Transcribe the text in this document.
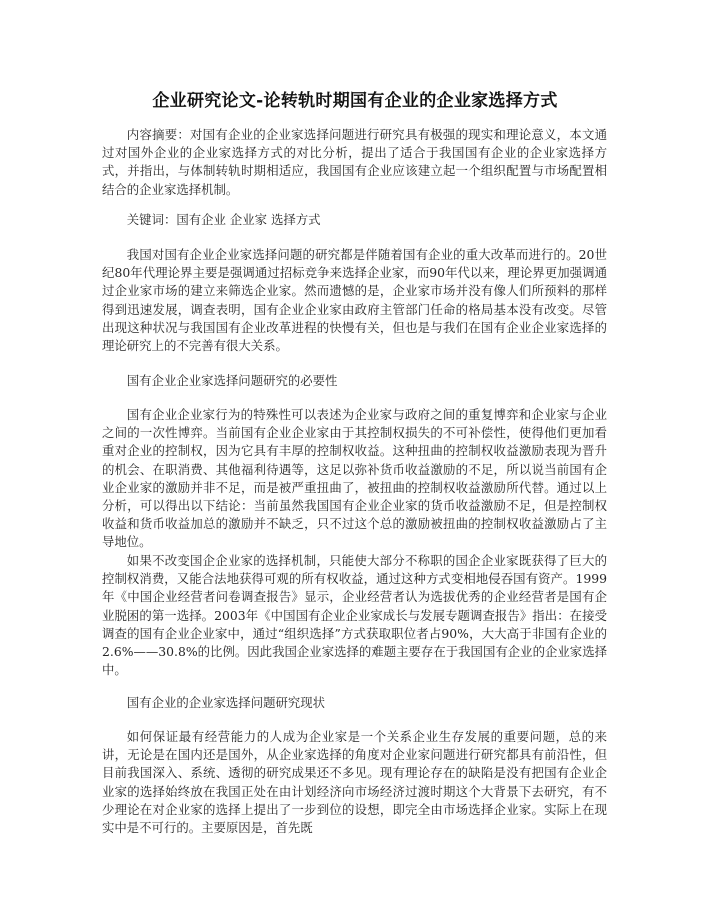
企业研究论文-论转轨时期国有企业的企业家选择方式

内容摘要：对国有企业的企业家选择问题进行研究具有极强的现实和理论意义，本文通过对国外企业的企业家选择方式的对比分析，提出了适合于我国国有企业的企业家选择方式，并指出，与体制转轨时期相适应，我国国有企业应该建立起一个组织配置与市场配置相结合的企业家选择机制。

关键词：国有企业 企业家 选择方式

我国对国有企业企业家选择问题的研究都是伴随着国有企业的重大改革而进行的。20世纪80年代理论界主要是强调通过招标竞争来选择企业家，而90年代以来，理论界更加强调通过企业家市场的建立来筛选企业家。然而遗憾的是，企业家市场并没有像人们所预料的那样得到迅速发展，调查表明，国有企业企业家由政府主管部门任命的格局基本没有改变。尽管出现这种状况与我国国有企业改革进程的快慢有关，但也是与我们在国有企业企业家选择的理论研究上的不完善有很大关系。

国有企业企业家选择问题研究的必要性

国有企业企业家行为的特殊性可以表述为企业家与政府之间的重复博弈和企业家与企业之间的一次性博弈。当前国有企业企业家由于其控制权损失的不可补偿性，使得他们更加看重对企业的控制权，因为它具有丰厚的控制权收益。这种扭曲的控制权收益激励表现为晋升的机会、在职消费、其他福利待遇等，这足以弥补货币收益激励的不足，所以说当前国有企业企业家的激励并非不足，而是被严重扭曲了，被扭曲的控制权收益激励所代替。通过以上分析，可以得出以下结论：当前虽然我国国有企业企业家的货币收益激励不足，但是控制权收益和货币收益加总的激励并不缺乏，只不过这个总的激励被扭曲的控制权收益激励占了主导地位。

如果不改变国企企业家的选择机制，只能使大部分不称职的国企企业家既获得了巨大的控制权消费，又能合法地获得可观的所有权收益，通过这种方式变相地侵吞国有资产。1999年《中国企业经营者问卷调查报告》显示，企业经营者认为选拔优秀的企业经营者是国有企业脱困的第一选择。2003年《中国国有企业企业家成长与发展专题调查报告》指出：在接受调查的国有企业企业家中，通过“组织选择”方式获取职位者占90%，大大高于非国有企业的2.6%——30.8%的比例。因此我国企业家选择的难题主要存在于我国国有企业的企业家选择中。

国有企业的企业家选择问题研究现状

如何保证最有经营能力的人成为企业家是一个关系企业生存发展的重要问题，总的来讲，无论是在国内还是国外，从企业家选择的角度对企业家问题进行研究都具有前沿性，但目前我国深入、系统、透彻的研究成果还不多见。现有理论存在的缺陷是没有把国有企业企业家的选择始终放在我国正处在由计划经济向市场经济过渡时期这个大背景下去研究，有不少理论在对企业家的选择上提出了一步到位的设想，即完全由市场选择企业家。实际上在现实中是不可行的。主要原因是，首先既
